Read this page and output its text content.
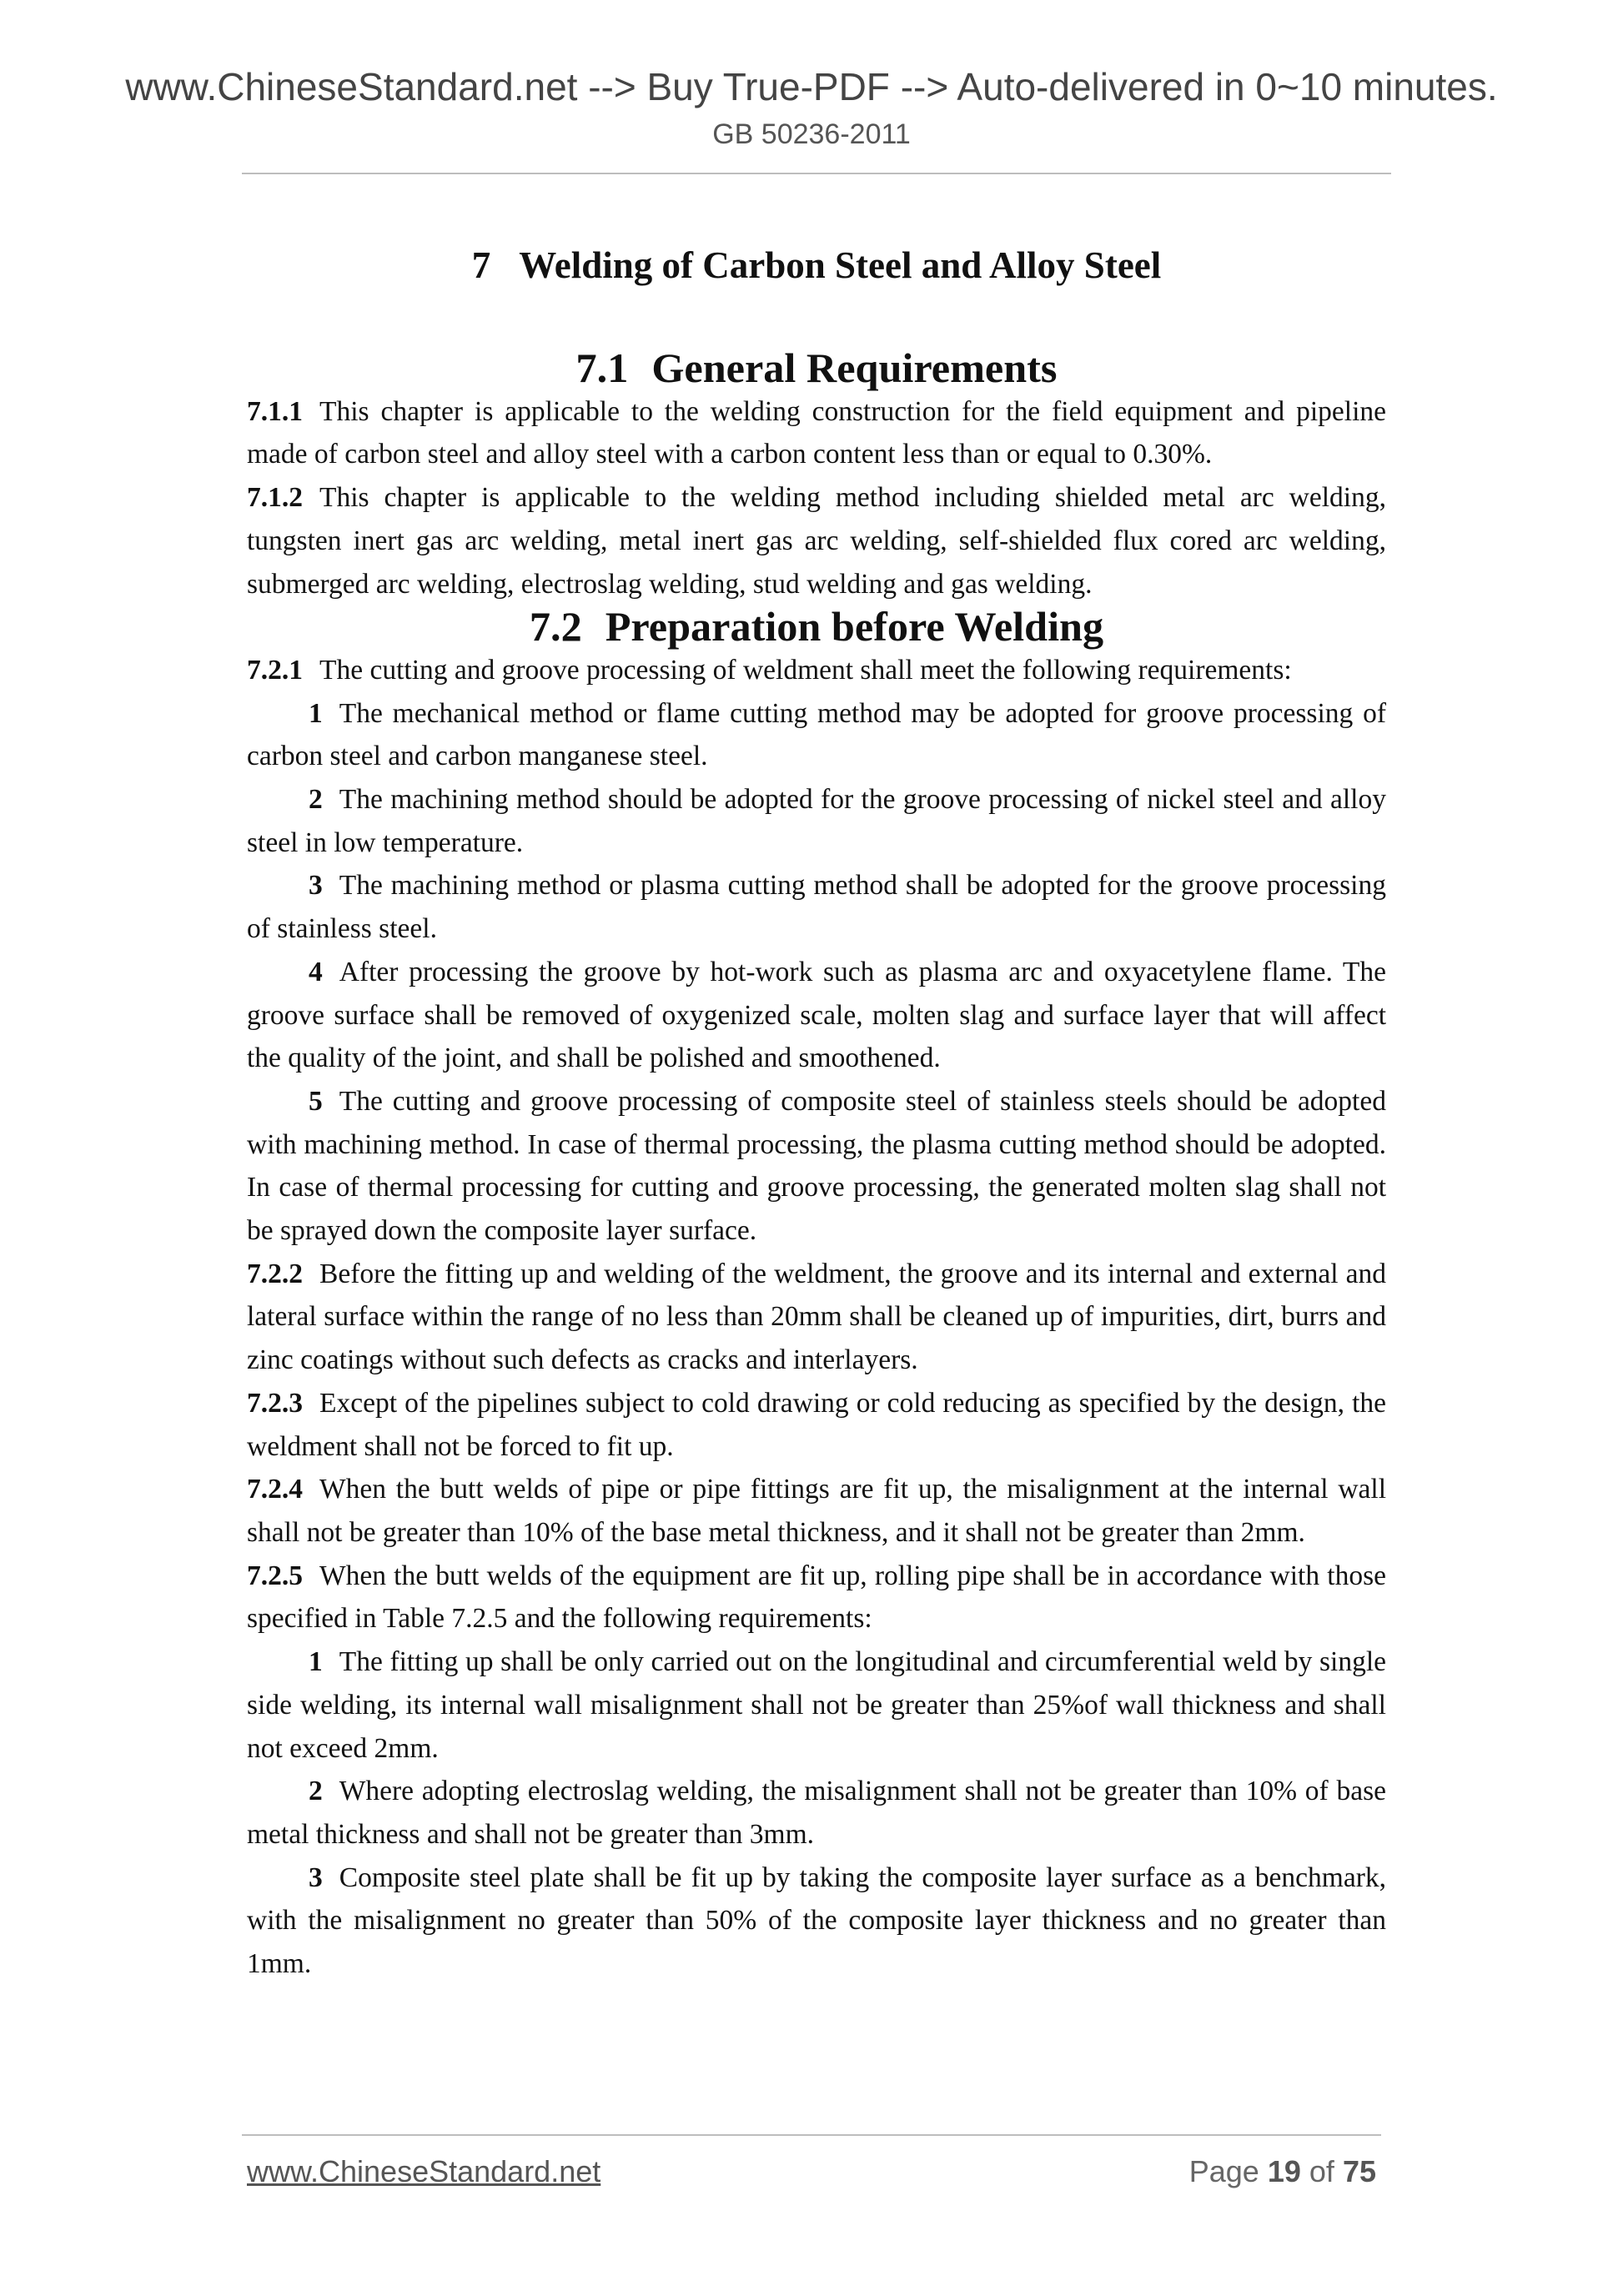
www.ChineseStandard.net --> Buy True-PDF --> Auto-delivered in 0~10 minutes.
GB 50236-2011
7 Welding of Carbon Steel and Alloy Steel
7.1 General Requirements

7.1.1 This chapter is applicable to the welding construction for the field equipment and pipeline made of carbon steel and alloy steel with a carbon content less than or equal to 0.30%.

7.1.2 This chapter is applicable to the welding method including shielded metal arc welding, tungsten inert gas arc welding, metal inert gas arc welding, self-shielded flux cored arc welding, submerged arc welding, electroslag welding, stud welding and gas welding.

7.2 Preparation before Welding

7.2.1 The cutting and groove processing of weldment shall meet the following requirements:

1 The mechanical method or flame cutting method may be adopted for groove processing of carbon steel and carbon manganese steel.

2 The machining method should be adopted for the groove processing of nickel steel and alloy steel in low temperature.

3 The machining method or plasma cutting method shall be adopted for the groove processing of stainless steel.

4 After processing the groove by hot-work such as plasma arc and oxyacetylene flame. The groove surface shall be removed of oxygenized scale, molten slag and surface layer that will affect the quality of the joint, and shall be polished and smoothened.

5 The cutting and groove processing of composite steel of stainless steels should be adopted with machining method. In case of thermal processing, the plasma cutting method should be adopted. In case of thermal processing for cutting and groove processing, the generated molten slag shall not be sprayed down the composite layer surface.

7.2.2 Before the fitting up and welding of the weldment, the groove and its internal and external and lateral surface within the range of no less than 20mm shall be cleaned up of impurities, dirt, burrs and zinc coatings without such defects as cracks and interlayers.

7.2.3 Except of the pipelines subject to cold drawing or cold reducing as specified by the design, the weldment shall not be forced to fit up.

7.2.4 When the butt welds of pipe or pipe fittings are fit up, the misalignment at the internal wall shall not be greater than 10% of the base metal thickness, and it shall not be greater than 2mm.

7.2.5 When the butt welds of the equipment are fit up, rolling pipe shall be in accordance with those specified in Table 7.2.5 and the following requirements:

1 The fitting up shall be only carried out on the longitudinal and circumferential weld by single side welding, its internal wall misalignment shall not be greater than 25%of wall thickness and shall not exceed 2mm.

2 Where adopting electroslag welding, the misalignment shall not be greater than 10% of base metal thickness and shall not be greater than 3mm.

3 Composite steel plate shall be fit up by taking the composite layer surface as a benchmark, with the misalignment no greater than 50% of the composite layer thickness and no greater than 1mm.

www.ChineseStandard.net	Page 19 of 75
